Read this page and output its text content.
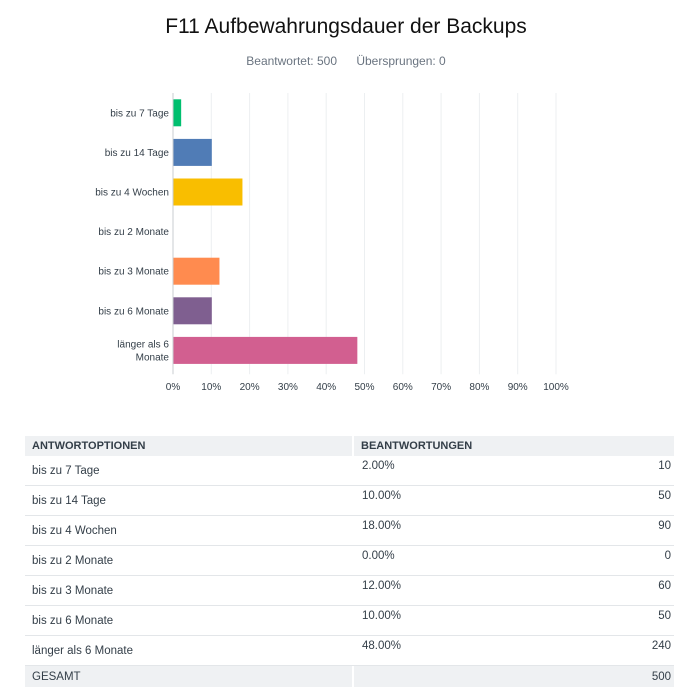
F11 Aufbewahrungsdauer der Backups
Beantwortet: 500 Übersprungen: 0
bis zu 7 Tage
bis zu 14 Tage
bis zu 4 Wochen
bis zu 2 Monate
bis zu 3 Monate
bis zu 6 Monate
länger als 6 Monate
0% 10% 20% 30% 40% 50% 60% 70% 80% 90% 100%
ANTWORTOPTIONEN	BEANTWORTUNGEN	
bis zu 7 Tage	2.00%	10
bis zu 14 Tage	10.00%	50
bis zu 4 Wochen	18.00%	90
bis zu 2 Monate	0.00%	0
bis zu 3 Monate	12.00%	60
bis zu 6 Monate	10.00%	50
länger als 6 Monate	48.00%	240
GESAMT		500
